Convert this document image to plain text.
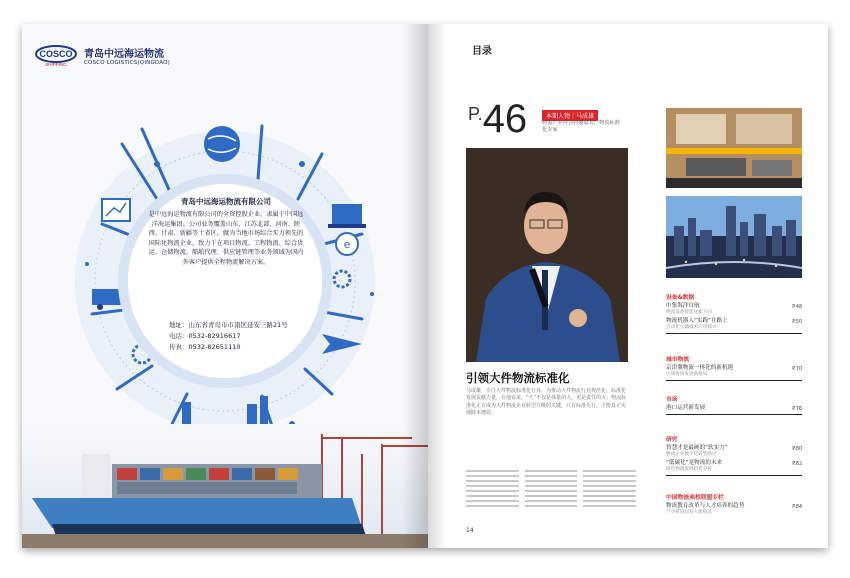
COSCO
SHIPPING
青岛中远海运物流
COSCO LOGISTICS(QINGDAO)
e
青岛中远海运物流有限公司
是中远海运物流有限公司的全资控股企业，隶属于中国远洋海运集团。公司业务覆盖山东、江苏北部、河南、陕西、甘肃、新疆等十省区，做为当地市场综合实力领先的国际化物流企业，致力于在项目物流、工程物流、综合货运、仓储物流、船舶代理、供应链管理等业务领域为国内外客户提供全程物流解决方案。
地址：山东省青岛市市南区延安三路21号
电话：0532-82916617
传真：0532-82651110
目录
P. 46	本期人物｜马成雄
物流产业协会特邀嘉宾，物流标准化专家
引领大件物流标准化
马成雄，专注大件物流标准化行业，为推动大件物流行业规范化、标准化发展贡献力量。在他看来，“大”不仅是体量的大，更是责任的大；物流标准化正在成为大件物流企业转型升级的关键，只有标准先行，才能真正实现降本增效。
14
设备&数据
中集海洋自航	P.48
物流设备智能化新方向
物流机器人“实践”在路上	P.50
自动化仓储技术应用探讨
城市物流
京津冀物流一体化的新机遇	P.70
区域协同发展新格局
市场
港口运营新发展	P.76
研究
智慧才是最硬的“软实力”	P.80
物流企业数字化转型路径
“低碳化”是物流的未来	P.82
绿色物流发展趋势分析
中国物流高校联盟专栏
物流教育改革与人才培养的趋势	P.84
产学研协同育人新模式
